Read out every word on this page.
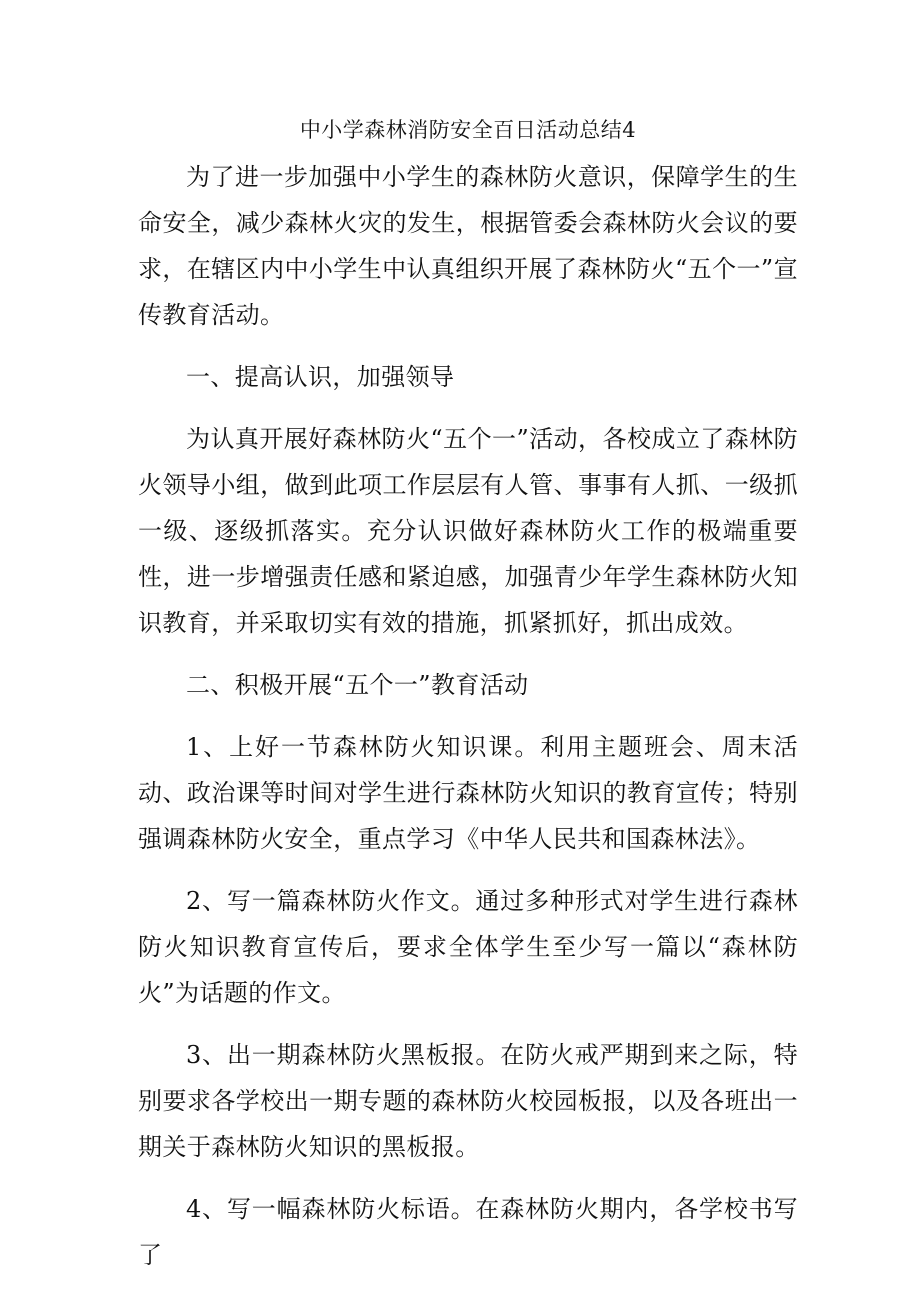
中小学森林消防安全百日活动总结4

为了进一步加强中小学生的森林防火意识，保障学生的生命安全，减少森林火灾的发生，根据管委会森林防火会议的要求，在辖区内中小学生中认真组织开展了森林防火“五个一”宣传教育活动。

一、提高认识，加强领导

为认真开展好森林防火“五个一”活动，各校成立了森林防火领导小组，做到此项工作层层有人管、事事有人抓、一级抓一级、逐级抓落实。充分认识做好森林防火工作的极端重要性，进一步增强责任感和紧迫感，加强青少年学生森林防火知识教育，并采取切实有效的措施，抓紧抓好，抓出成效。

二、积极开展“五个一”教育活动

1、上好一节森林防火知识课。利用主题班会、周末活动、政治课等时间对学生进行森林防火知识的教育宣传；特别强调森林防火安全，重点学习《中华人民共和国森林法》。

2、写一篇森林防火作文。通过多种形式对学生进行森林防火知识教育宣传后，要求全体学生至少写一篇以“森林防火”为话题的作文。

3、出一期森林防火黑板报。在防火戒严期到来之际，特别要求各学校出一期专题的森林防火校园板报，以及各班出一期关于森林防火知识的黑板报。

4、写一幅森林防火标语。在森林防火期内，各学校书写了
